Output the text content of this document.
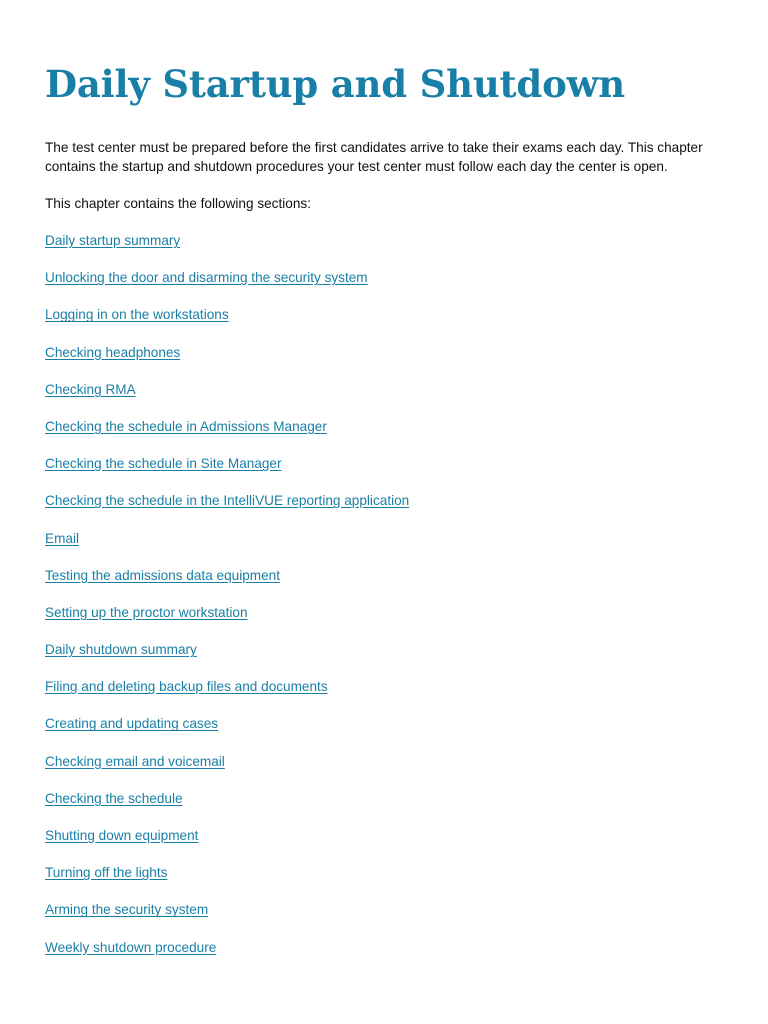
Daily Startup and Shutdown

The test center must be prepared before the first candidates arrive to take their exams each day. This chapter contains the startup and shutdown procedures your test center must follow each day the center is open.

This chapter contains the following sections:

Daily startup summary
Unlocking the door and disarming the security system
Logging in on the workstations
Checking headphones
Checking RMA
Checking the schedule in Admissions Manager
Checking the schedule in Site Manager
Checking the schedule in the IntelliVUE reporting application
Email
Testing the admissions data equipment
Setting up the proctor workstation
Daily shutdown summary
Filing and deleting backup files and documents
Creating and updating cases
Checking email and voicemail
Checking the schedule
Shutting down equipment
Turning off the lights
Arming the security system
Weekly shutdown procedure
